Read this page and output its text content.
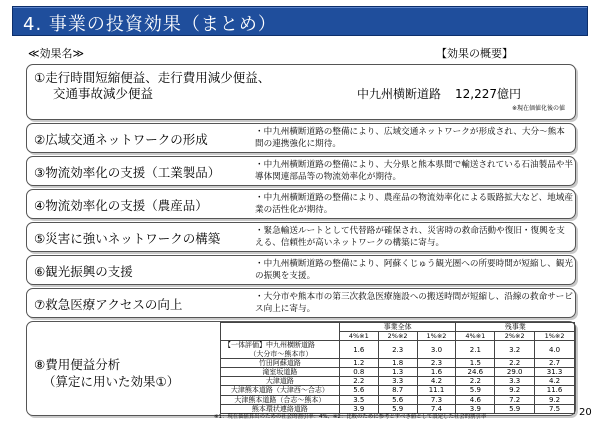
4. 事業の投資効果（まとめ）
≪効果名≫	【効果の概要】
①走行時間短縮便益、走行費用減少便益、
交通事故減少便益	中九州横断道路 12,227億円
※現在価値化後の値
②広域交通ネットワークの形成	・中九州横断道路の整備により、広域交通ネットワークが形成され、大分～熊本間の連携強化に期待。
③物流効率化の支援（工業製品）	・中九州横断道路の整備により、大分県と熊本県間で輸送されている石油製品や半導体関連部品等の物流効率化が期待。
④物流効率化の支援（農産品）	・中九州横断道路の整備により、農産品の物流効率化による販路拡大など、地域産業の活性化が期待。
⑤災害に強いネットワークの構築	・緊急輸送ルートとして代替路が確保され、災害時の救命活動や復旧・復興を支える、信頼性が高いネットワークの構築に寄与。
⑥観光振興の支援	・中九州横断道路の整備により、阿蘇くじゅう観光圏への所要時間が短縮し、観光の振興を支援。
⑦救急医療アクセスの向上	・大分市や熊本市の第三次救急医療施設への搬送時間が短縮し、沿線の救命サービス向上に寄与。
⑧費用便益分析
（算定に用いた効果①）
	事業全体			残事業		
	4%※1	2%※2	1%※2	4%※1	2%※2	1%※2

【一体評価】中九州横断道路
（大分市～熊本市）	1.6	2.3	3.0	2.1	3.2	4.0
竹田阿蘇道路	1.2	1.8	2.3	1.5	2.2	2.7
滝室坂道路	0.8	1.3	1.6	24.6	29.0	31.3
大津道路	2.2	3.3	4.2	2.2	3.3	4.2
大津熊本道路（大津西～合志）	5.6	8.7	11.1	5.9	9.2	11.6
大津熊本道路（合志～熊本）	3.5	5.6	7.3	4.6	7.2	9.2
熊本環状連絡道路	3.9	5.9	7.4	3.9	5.9	7.5
※1：現在価値算出のための社会的割引率：4%、※2：比較のために参考とすべき値として設定した社会的割引率	20
